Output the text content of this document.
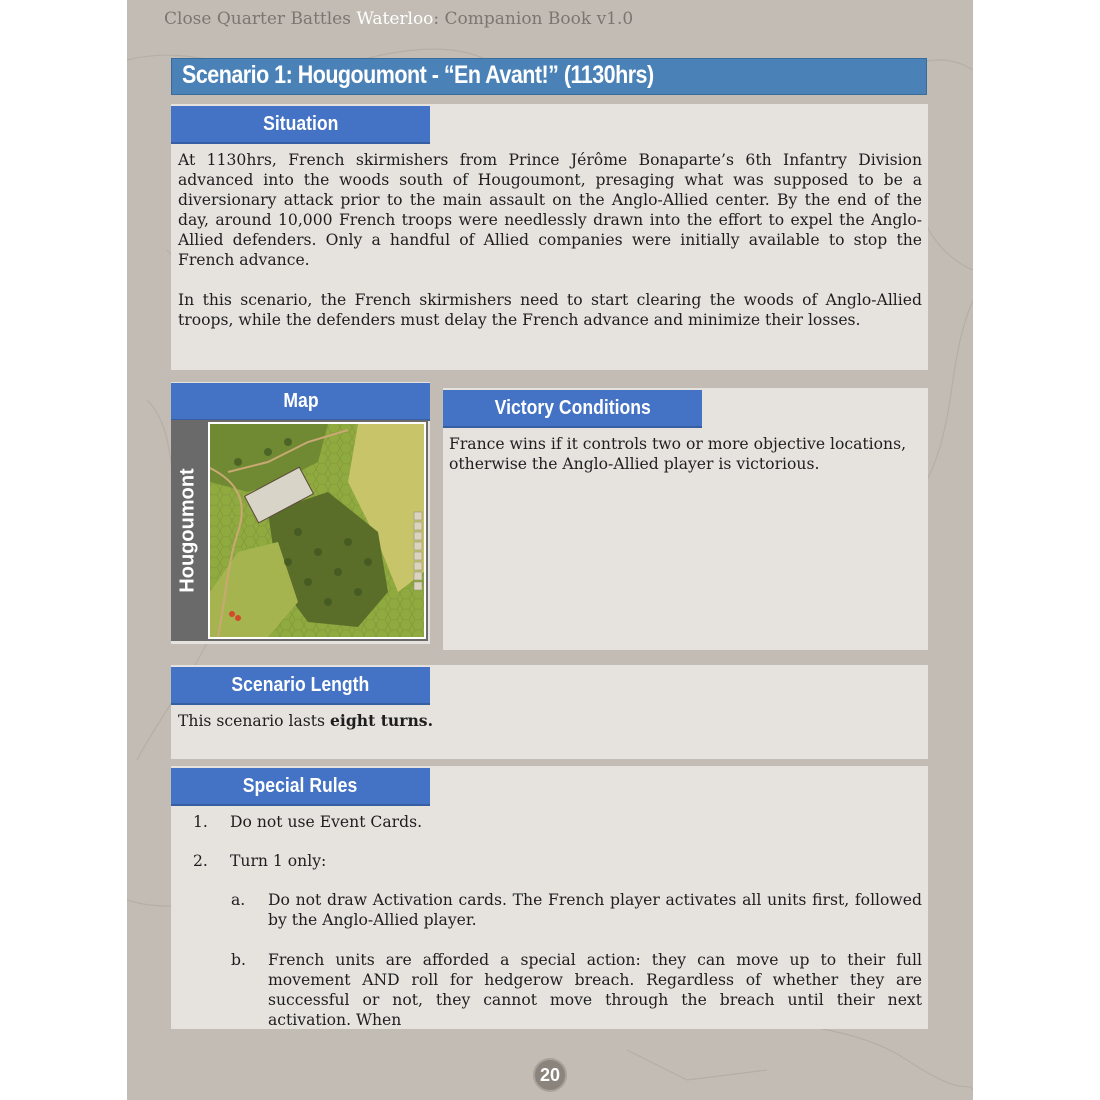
Close Quarter Battles Waterloo: Companion Book v1.0
Scenario 1: Hougoumont - “En Avant!” (1130hrs)
Situation

At 1130hrs, French skirmishers from Prince Jérôme Bonaparte’s 6th Infantry Division advanced into the woods south of Hougoumont, presaging what was supposed to be a diversionary attack prior to the main assault on the Anglo-Allied center. By the end of the day, around 10,000 French troops were needlessly drawn into the effort to expel the Anglo-Allied defenders. Only a handful of Allied companies were initially available to stop the French advance.

In this scenario, the French skirmishers need to start clearing the woods of Anglo-Allied troops, while the defenders must delay the French advance and minimize their losses.

Map
Hougoumont
Victory Conditions
France wins if it controls two or more objective locations, otherwise the Anglo-Allied player is victorious.
Scenario Length
This scenario lasts eight turns.
Special Rules
1. Do not use Event Cards.
2. Turn 1 only:
a. Do not draw Activation cards. The French player activates all units first, followed by the Anglo-Allied player.
b. French units are afforded a special action: they can move up to their full movement AND roll for hedgerow breach. Regardless of whether they are successful or not, they cannot move through the breach until their next activation. When
20
